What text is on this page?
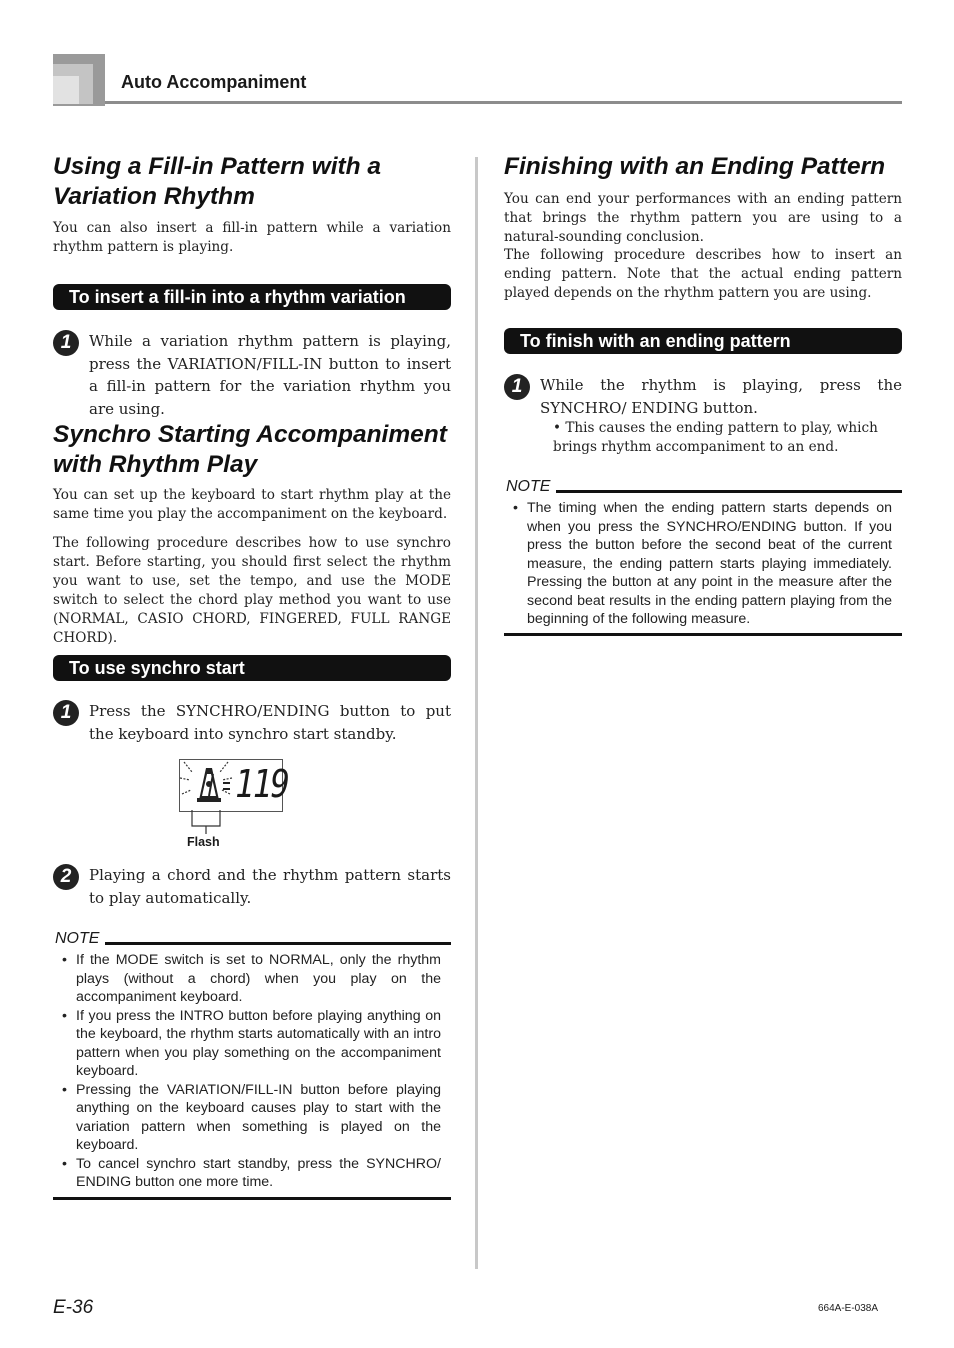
Auto Accompaniment
Using a Fill-in Pattern with a Variation Rhythm
You can also insert a fill-in pattern while a variation rhythm pattern is playing.
To insert a fill-in into a rhythm variation
1	While a variation rhythm pattern is playing, press the VARIATION/FILL-IN button to insert a fill-in pattern for the variation rhythm you are using.
Synchro Starting Accompaniment with Rhythm Play
You can set up the keyboard to start rhythm play at the same time you play the accompaniment on the keyboard.
The following procedure describes how to use synchro start. Before starting, you should first select the rhythm you want to use, set the tempo, and use the MODE switch to select the chord play method you want to use (NORMAL, CASIO CHORD, FINGERED, FULL RANGE CHORD).
To use synchro start
1	Press the SYNCHRO/ENDING button to put the keyboard into synchro start standby.
2	Playing a chord and the rhythm pattern starts to play automatically.
NOTE
• If the MODE switch is set to NORMAL, only the rhythm plays (without a chord) when you play on the accompaniment keyboard.
• If you press the INTRO button before playing anything on the keyboard, the rhythm starts automatically with an intro pattern when you play something on the accompaniment keyboard.
• Pressing the VARIATION/FILL-IN button before playing anything on the keyboard causes play to start with the variation pattern when something is played on the keyboard.
• To cancel synchro start standby, press the SYNCHRO/ ENDING button one more time.
119
Flash
Finishing with an Ending Pattern
You can end your performances with an ending pattern that brings the rhythm pattern you are using to a natural-sounding conclusion.
The following procedure describes how to insert an ending pattern. Note that the actual ending pattern played depends on the rhythm pattern you are using.
To finish with an ending pattern
1	While the rhythm is playing, press the SYNCHRO/ ENDING button.
• This causes the ending pattern to play, which brings rhythm accompaniment to an end.
NOTE
• The timing when the ending pattern starts depends on when you press the SYNCHRO/ENDING button. If you press the button before the second beat of the current measure, the ending pattern starts playing immediately. Pressing the button at any point in the measure after the second beat results in the ending pattern playing from the beginning of the following measure.
E-36	664A-E-038A
